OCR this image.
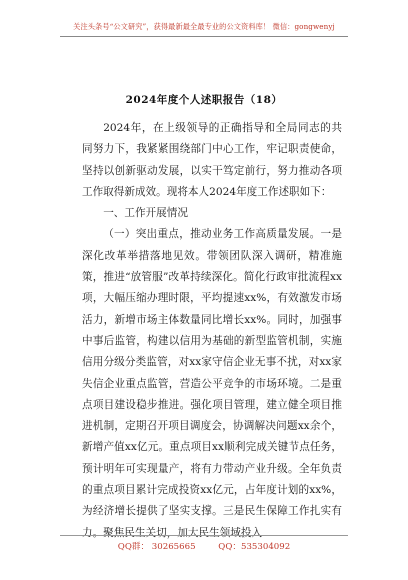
关注头条号“公文研究”，获得最新最全最专业的公文资料库！ 微信：gongwenyj
2024年度个人述职报告（18）

2024年，在上级领导的正确指导和全局同志的共同努力下，我紧紧围绕部门中心工作，牢记职责使命，坚持以创新驱动发展，以实干笃定前行，努力推动各项工作取得新成效。现将本人2024年度工作述职如下：

一、工作开展情况

（一）突出重点，推动业务工作高质量发展。一是深化改革举措落地见效。带领团队深入调研，精准施策，推进“放管服”改革持续深化。简化行政审批流程xx项，大幅压缩办理时限，平均提速xx%，有效激发市场活力，新增市场主体数量同比增长xx%。同时，加强事中事后监管，构建以信用为基础的新型监管机制，实施信用分级分类监管，对xx家守信企业无事不扰，对xx家失信企业重点监管，营造公平竞争的市场环境。二是重点项目建设稳步推进。强化项目管理，建立健全项目推进机制，定期召开项目调度会，协调解决问题xx余个，新增产值xx亿元。重点项目xx顺利完成关键节点任务，预计明年可实现量产，将有力带动产业升级。全年负责的重点项目累计完成投资xx亿元，占年度计划的xx%，为经济增长提供了坚实支撑。三是民生保障工作扎实有力。聚焦民生关切，加大民生领域投入

QQ群： 30265665	QQ：535304092
